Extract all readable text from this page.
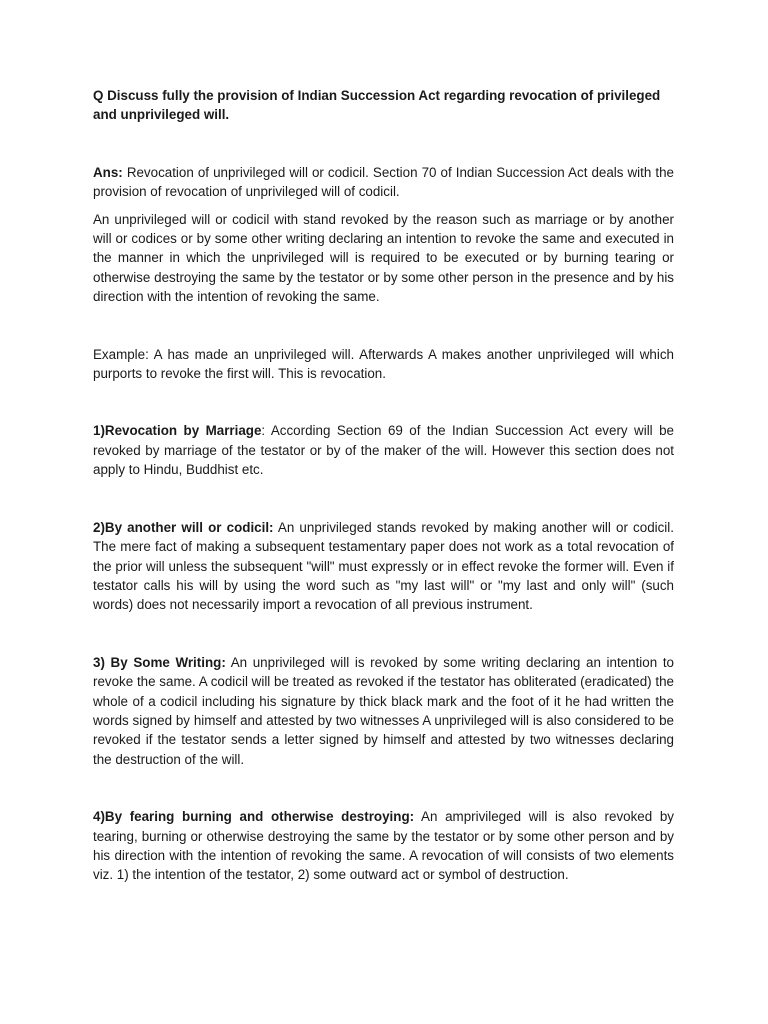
Q Discuss fully the provision of Indian Succession Act regarding revocation of privileged and unprivileged will.

Ans: Revocation of unprivileged will or codicil. Section 70 of Indian Succession Act deals with the provision of revocation of unprivileged will of codicil.

An unprivileged will or codicil with stand revoked by the reason such as marriage or by another will or codices or by some other writing declaring an intention to revoke the same and executed in the manner in which the unprivileged will is required to be executed or by burning tearing or otherwise destroying the same by the testator or by some other person in the presence and by his direction with the intention of revoking the same.

Example: A has made an unprivileged will. Afterwards A makes another unprivileged will which purports to revoke the first will. This is revocation.

1)Revocation by Marriage: According Section 69 of the Indian Succession Act every will be revoked by marriage of the testator or by of the maker of the will. However this section does not apply to Hindu, Buddhist etc.

2)By another will or codicil: An unprivileged stands revoked by making another will or codicil. The mere fact of making a subsequent testamentary paper does not work as a total revocation of the prior will unless the subsequent "will" must expressly or in effect revoke the former will. Even if testator calls his will by using the word such as "my last will" or "my last and only will" (such words) does not necessarily import a revocation of all previous instrument.

3) By Some Writing: An unprivileged will is revoked by some writing declaring an intention to revoke the same. A codicil will be treated as revoked if the testator has obliterated (eradicated) the whole of a codicil including his signature by thick black mark and the foot of it he had written the words signed by himself and attested by two witnesses A unprivileged will is also considered to be revoked if the testator sends a letter signed by himself and attested by two witnesses declaring the destruction of the will.

4)By fearing burning and otherwise destroying: An amprivileged will is also revoked by tearing, burning or otherwise destroying the same by the testator or by some other person and by his direction with the intention of revoking the same. A revocation of will consists of two elements viz. 1) the intention of the testator, 2) some outward act or symbol of destruction.
